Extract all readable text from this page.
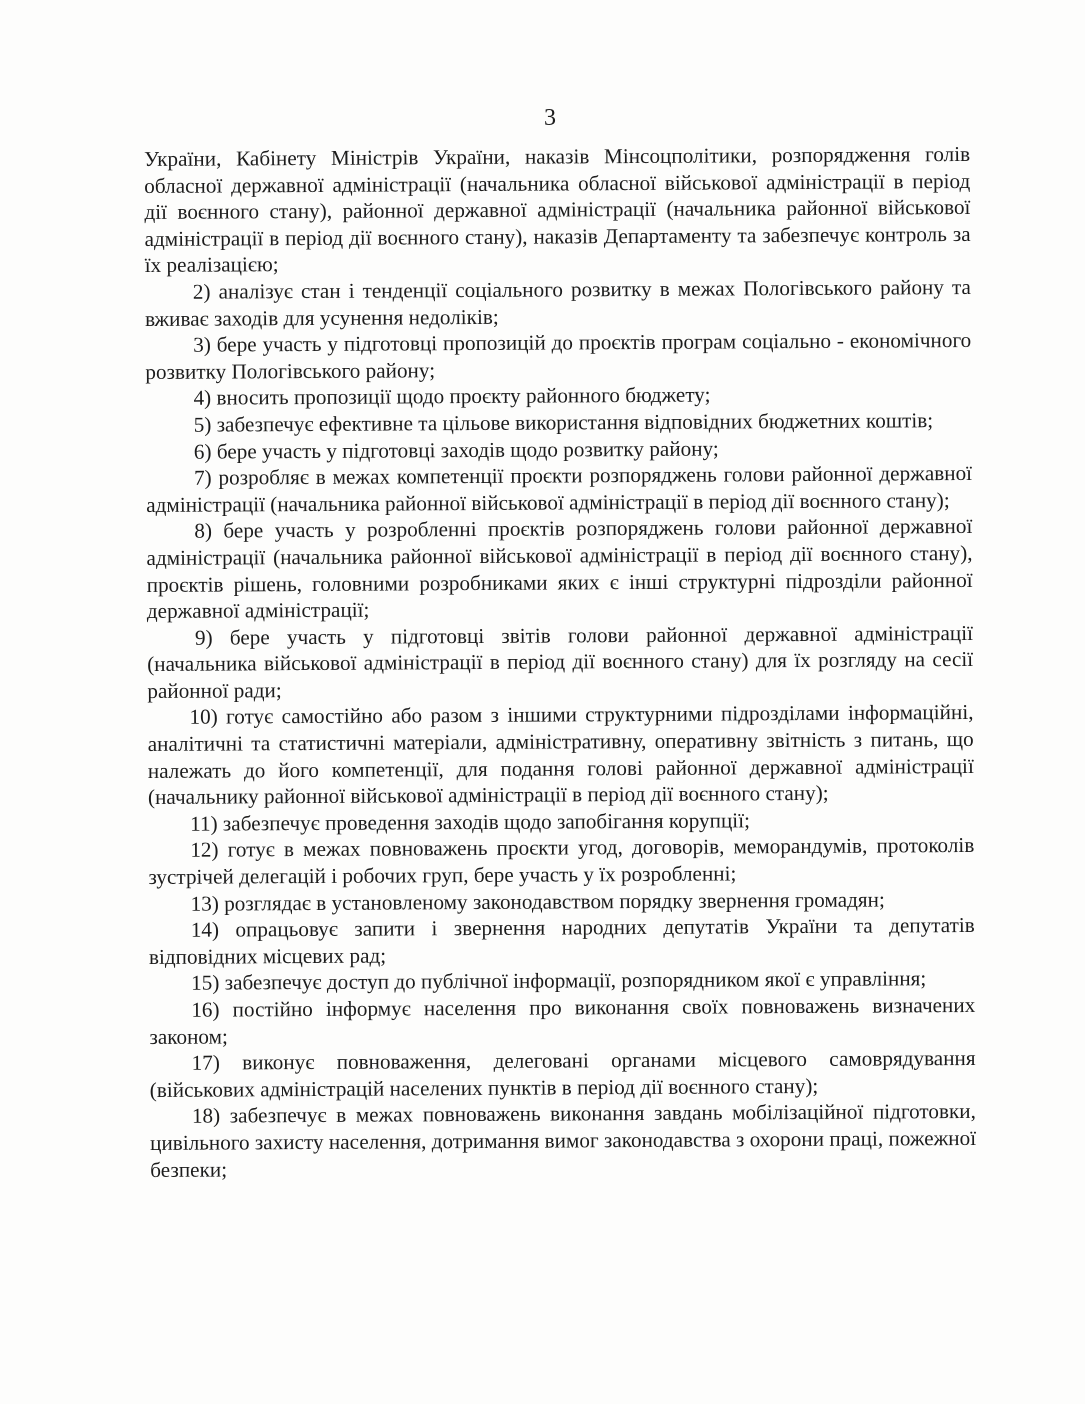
3

України, Кабінету Міністрів України, наказів Мінсоцполітики, розпорядження голів обласної державної адміністрації (начальника обласної військової адміністрації в період дії воєнного стану), районної державної адміністрації (начальника районної військової адміністрації в період дії воєнного стану), наказів Департаменту та забезпечує контроль за їх реалізацією;

2) аналізує стан і тенденції соціального розвитку в межах Пологівського району та вживає заходів для усунення недоліків;

3) бере участь у підготовці пропозицій до проєктів програм соціально - економічного розвитку Пологівського району;

4) вносить пропозиції щодо проєкту районного бюджету;

5) забезпечує ефективне та цільове використання відповідних бюджетних коштів;

6) бере участь у підготовці заходів щодо розвитку району;

7) розробляє в межах компетенції проєкти розпоряджень голови районної державної адміністрації (начальника районної військової адміністрації в період дії воєнного стану);

8) бере участь у розробленні проєктів розпоряджень голови районної державної адміністрації (начальника районної військової адміністрації в період дії воєнного стану), проєктів рішень, головними розробниками яких є інші структурні підрозділи районної державної адміністрації;

9) бере участь у підготовці звітів голови районної державної адміністрації (начальника військової адміністрації в період дії воєнного стану) для їх розгляду на сесії районної ради;

10) готує самостійно або разом з іншими структурними підрозділами інформаційні, аналітичні та статистичні матеріали, адміністративну, оперативну звітність з питань, що належать до його компетенції, для подання голові районної державної адміністрації (начальнику районної військової адміністрації в період дії воєнного стану);

11) забезпечує проведення заходів щодо запобігання корупції;

12) готує в межах повноважень проєкти угод, договорів, меморандумів, протоколів зустрічей делегацій і робочих груп, бере участь у їх розробленні;

13) розглядає в установленому законодавством порядку звернення громадян;

14) опрацьовує запити і звернення народних депутатів України та депутатів відповідних місцевих рад;

15) забезпечує доступ до публічної інформації, розпорядником якої є управління;

16) постійно інформує населення про виконання своїх повноважень визначених законом;

17) виконує повноваження, делеговані органами місцевого самоврядування (військових адміністрацій населених пунктів в період дії воєнного стану);

18) забезпечує в межах повноважень виконання завдань мобілізаційної підготовки, цивільного захисту населення, дотримання вимог законодавства з охорони праці, пожежної безпеки;
